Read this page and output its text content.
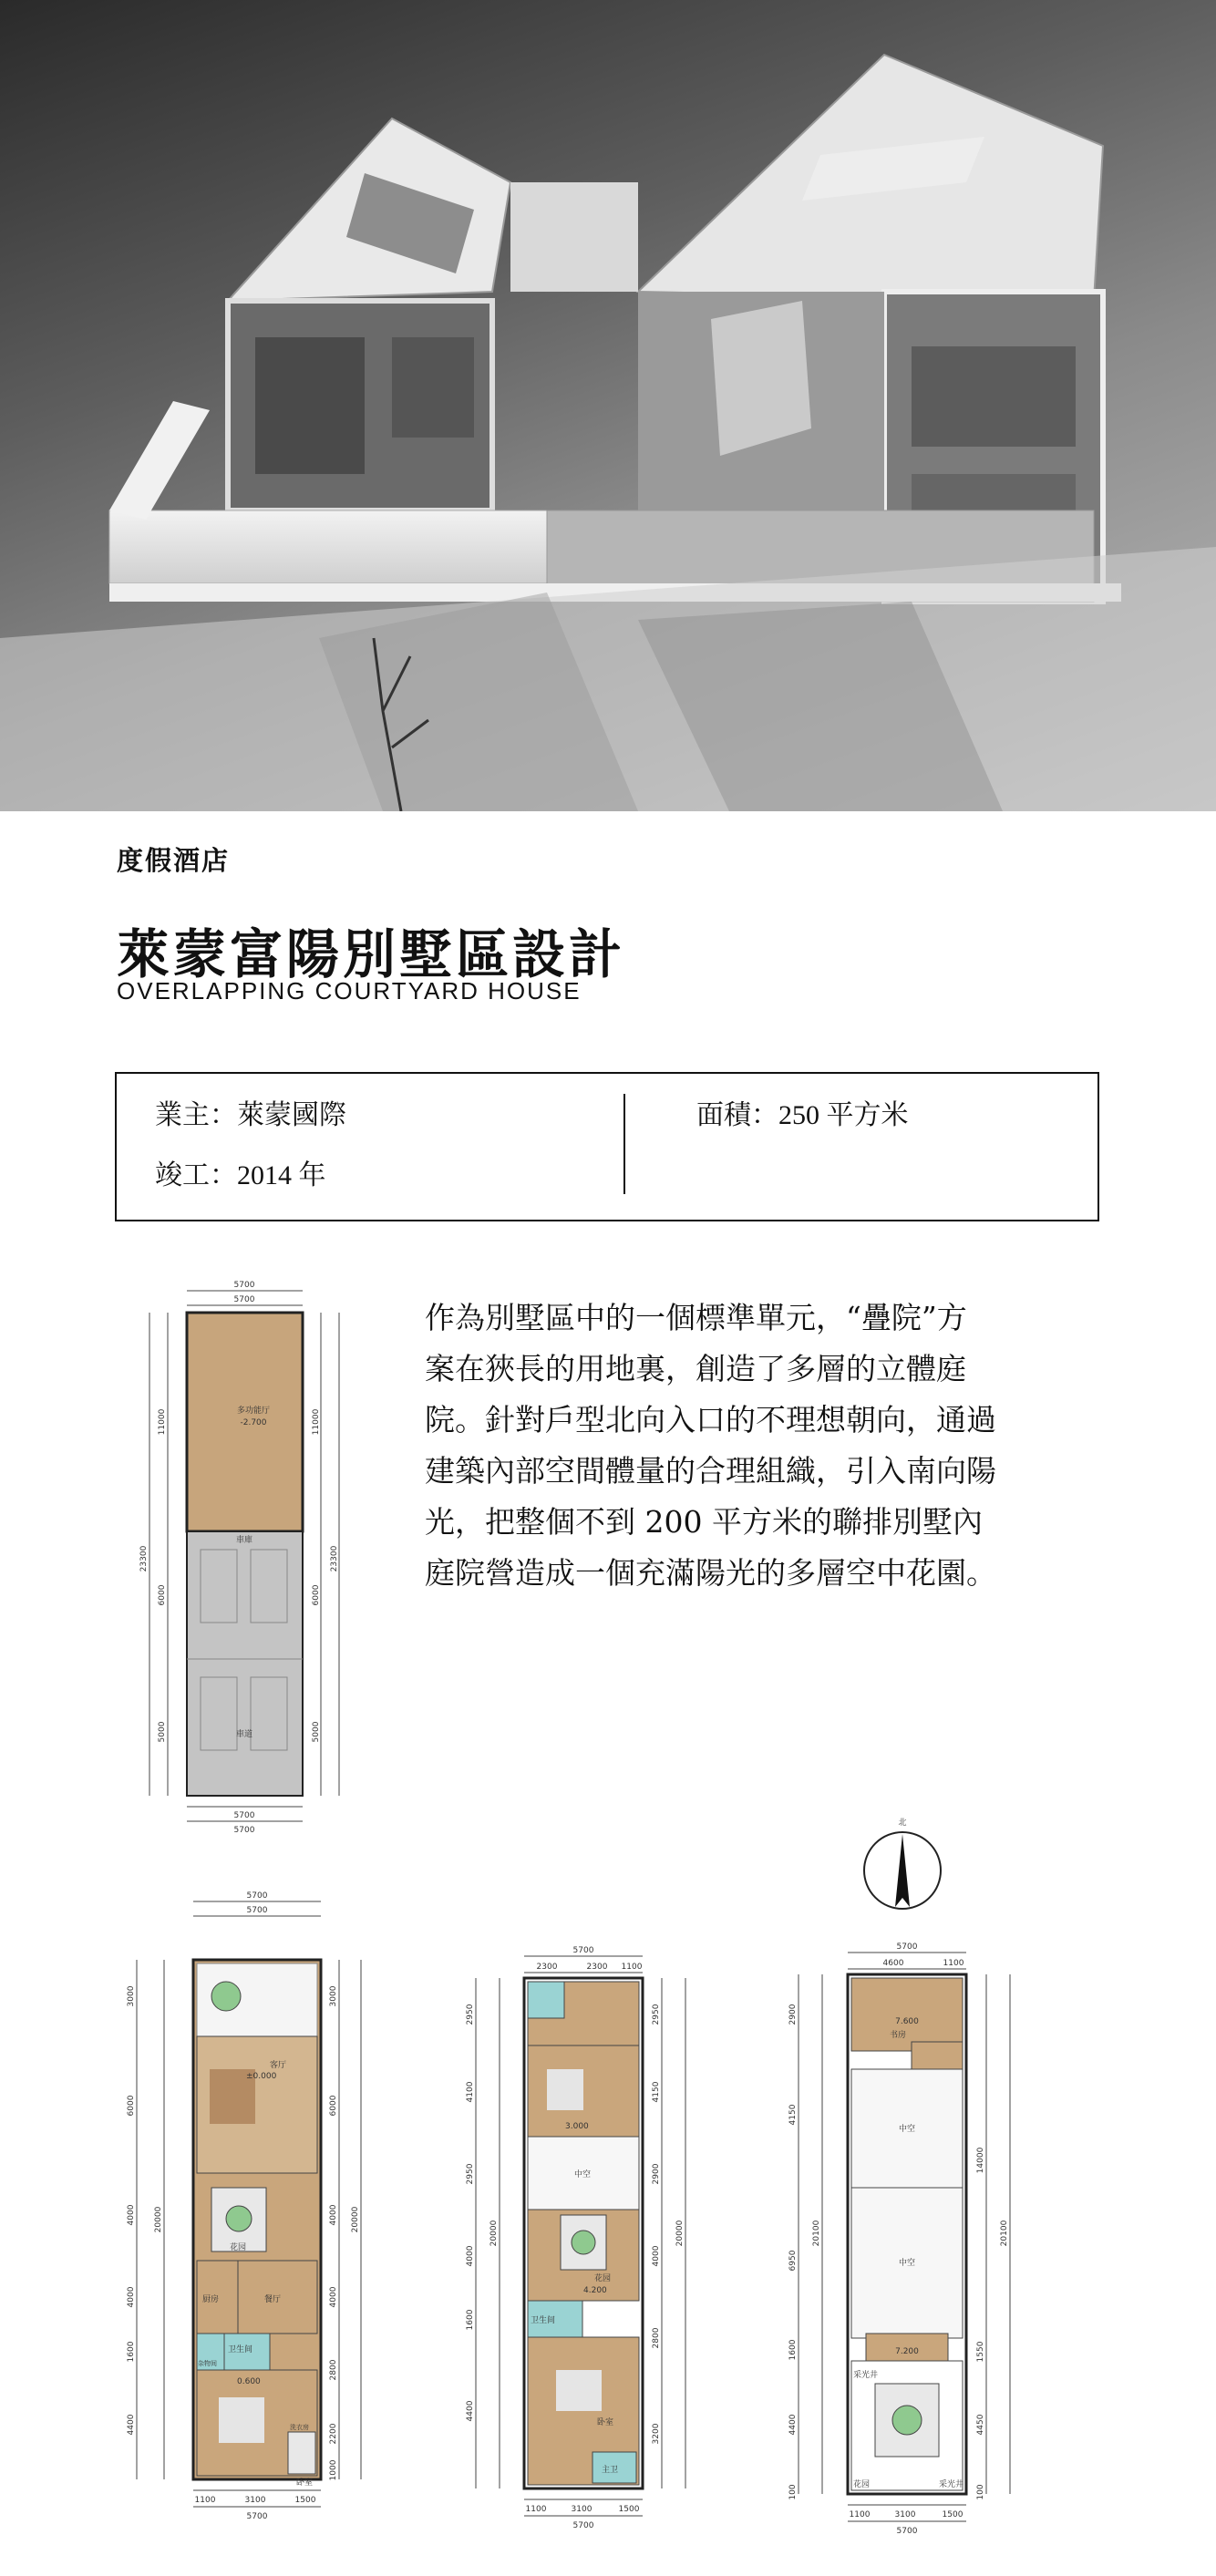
度假酒店
萊蒙富陽別墅區設計
OVERLAPPING COURTYARD HOUSE
業主：萊蒙國際
竣工：2014 年
面積：250 平方米

作為別墅區中的一個標準單元，“疊院”方

案在狹長的用地裏，創造了多層的立體庭

院。針對戶型北向入口的不理想朝向，通過

建築內部空間體量的合理組織，引入南向陽

光，把整個不到 200 平方米的聯排別墅內

庭院營造成一個充滿陽光的多層空中花園。

5700
5700
多功能厅
-2.700
車庫
車道
23300
11000
6000
5000
11000
23300
6000
5000
5700
5700
5700
5700
客厅
±0.000
花园
厨房	餐厅
卫生间
杂物间
0.600
卧室
洗衣房
3000
6000
4000
4000
1600
4400
20000
3000
6000
4000
4000
2800
2200
1000
20000
1100	3100	1500
5700
5700
2300	2300 1100
3.000
中空
花园
4.200
卫生间
卧室
主卫
2950
4100
2950
4000
1600
4400
20000
2950
4150
2900
4000
2800
3200
20000
1100	3100	1500
5700
北
5700
4600	1100
7.600
书房
中空
中空
7.200
采光井
采光井
花园
2900
4150
6950
1600
4400
100
20100
14000
1550
4450
100
20100
1100	3100	1500
5700
